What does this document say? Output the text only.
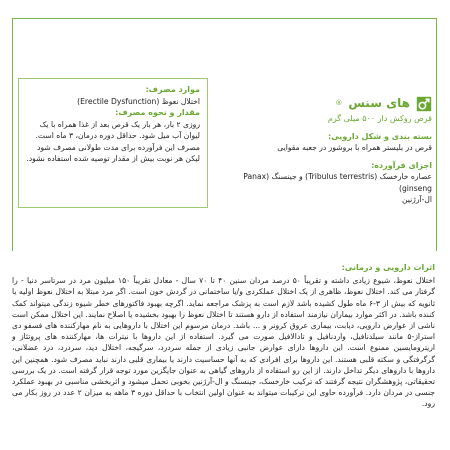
موارد مصرف:

اختلال نعوظ (Erectile Dysfunction)

مقدار و نحوه مصرف:

روزی ۲ بار، هر بار یک قرص بعد از غذا همراه با یک لیوان آب میل شود. حداقل دوره درمان، ۳ ماه است. مصرف این فرآورده برای مدت طولانی مصرف شود لیکن هر نوبت بیش از مقدار توصیه شده استفاده نشود.

های سنس
®
قرص روکش دار ۵۰۰ میلی گرم
بسته بندی و شکل دارویی:

قرص در بلیستر همراه با بروشور در جعبه مقوایی

اجزای فرآورده:

عصاره خارخسک (Tribulus terrestris) و جینسنگ (Panax ginseng)

ال-آرژنین

اثرات دارویی و درمانی:

اختلال نعوظ، شیوع زیادی داشته و تقریباً ۵۰ درصد مردان سنین ۴۰ تا ۷۰ سال - معادل تقریباً ۱۵۰ میلیون مرد در سرتاسر دنیا - را گرفتار می کند. اختلال نعوظ، ظاهری از یک اختلال عملکردی و/یا ساختمانی در گردش خون است. اگر مرد مبتلا به اختلال نعوظ اولیه یا ثانویه که بیش از ۳-۶ ماه طول کشیده باشد لازم است به پزشک مراجعه نماید. اگرچه بهبود فاکتورهای خطر شیوه زندگی میتواند کمک کننده باشد. در اکثر موارد بیماران نیازمند استفاده از دارو هستند تا اختلال نعوظ را بهبود بخشیده یا اصلاح نمایند. این اختلال ممکن است ناشی از عوارض دارویی، دیابت، بیماری عروق کرونر و ... باشد. درمان مرسوم این اختلال با داروهایی به نام مهارکننده های فسفو دی استراز-۵ مانند سیلدنافیل، واردنافیل و تادالافیل صورت می گیرد. استفاده از این داروها با نیترات ها، مهارکننده های پروتئاز و اریترومایسین ممنوع است. این داروها دارای عوارض جانبی زیادی از جمله سردرد، سرگیجه، اختلال دید، سردرد، درد عضلانی، گرگرفتگی و سکته قلبی هستند. این داروها برای افرادی که به آنها حساسیت دارند یا بیماری قلبی دارند نباید مصرف شود. همچنین این داروها با داروهای دیگر تداخل دارند. از این رو استفاده از داروهای گیاهی به عنوان جایگزین مورد توجه قرار گرفته است. در یک بررسی تحقیقاتی، پژوهشگران نتیجه گرفتند که ترکیب خارخسک، جینسنگ و ال-آرژنین بخوبی تحمل میشود و اثربخشی مناسبی در بهبود عملکرد جنسی در مردان دارد. فرآورده حاوی این ترکیبات میتواند به عنوان اولین انتخاب با حداقل دوره ۳ ماهه به میزان ۲ عدد در روز بکار می رود.
